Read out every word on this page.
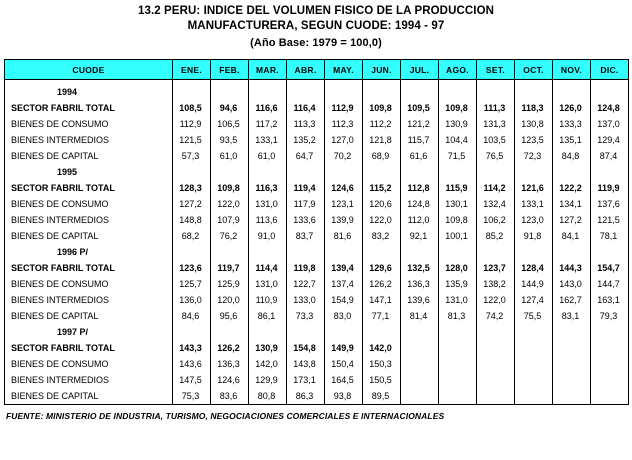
13.2 PERU: INDICE DEL VOLUMEN FISICO DE LA PRODUCCION
MANUFACTURERA, SEGUN CUODE: 1994 - 97
(Año Base: 1979 = 100,0)
CUODE	ENE.	FEB.	MAR.	ABR.	MAY.	JUN.	JUL.	AGO.	SET.	OCT.	NOV.	DIC.

1994												
SECTOR FABRIL TOTAL	108,5	94,6	116,6	116,4	112,9	109,8	109,5	109,8	111,3	118,3	126,0	124,8
BIENES DE CONSUMO	112,9	106,5	117,2	113,3	112,3	112,2	121,2	130,9	131,3	130,8	133,3	137,0
BIENES INTERMEDIOS	121,5	93,5	133,1	135,2	127,0	121,8	115,7	104,4	103,5	123,5	135,1	129,4
BIENES DE CAPITAL	57,3	61,0	61,0	64,7	70,2	68,9	61,6	71,5	76,5	72,3	84,8	87,4
1995												
SECTOR FABRIL TOTAL	128,3	109,8	116,3	119,4	124,6	115,2	112,8	115,9	114,2	121,6	122,2	119,9
BIENES DE CONSUMO	127,2	122,0	131,0	117,9	123,1	120,6	124,8	130,1	132,4	133,1	134,1	137,6
BIENES INTERMEDIOS	148,8	107,9	113,6	133,6	139,9	122,0	112,0	109,8	106,2	123,0	127,2	121,5
BIENES DE CAPITAL	68,2	76,2	91,0	83,7	81,6	83,2	92,1	100,1	85,2	91,8	84,1	78,1
1996 P/												
SECTOR FABRIL TOTAL	123,6	119,7	114,4	119,8	139,4	129,6	132,5	128,0	123,7	128,4	144,3	154,7
BIENES DE CONSUMO	125,7	125,9	131,0	122,7	137,4	126,2	136,3	135,9	138,2	144,9	143,0	144,7
BIENES INTERMEDIOS	136,0	120,0	110,9	133,0	154,9	147,1	139,6	131,0	122,0	127,4	162,7	163,1
BIENES DE CAPITAL	84,6	95,6	86,1	73,3	83,0	77,1	81,4	81,3	74,2	75,5	83,1	79,3
1997 P/												
SECTOR FABRIL TOTAL	143,3	126,2	130,9	154,8	149,9	142,0						
BIENES DE CONSUMO	143,6	136,3	142,0	143,8	150,4	150,3						
BIENES INTERMEDIOS	147,5	124,6	129,9	173,1	164,5	150,5						
BIENES DE CAPITAL	75,3	83,6	80,8	86,3	93,8	89,5						
FUENTE: MINISTERIO DE INDUSTRIA, TURISMO, NEGOCIACIONES COMERCIALES E INTERNACIONALES
